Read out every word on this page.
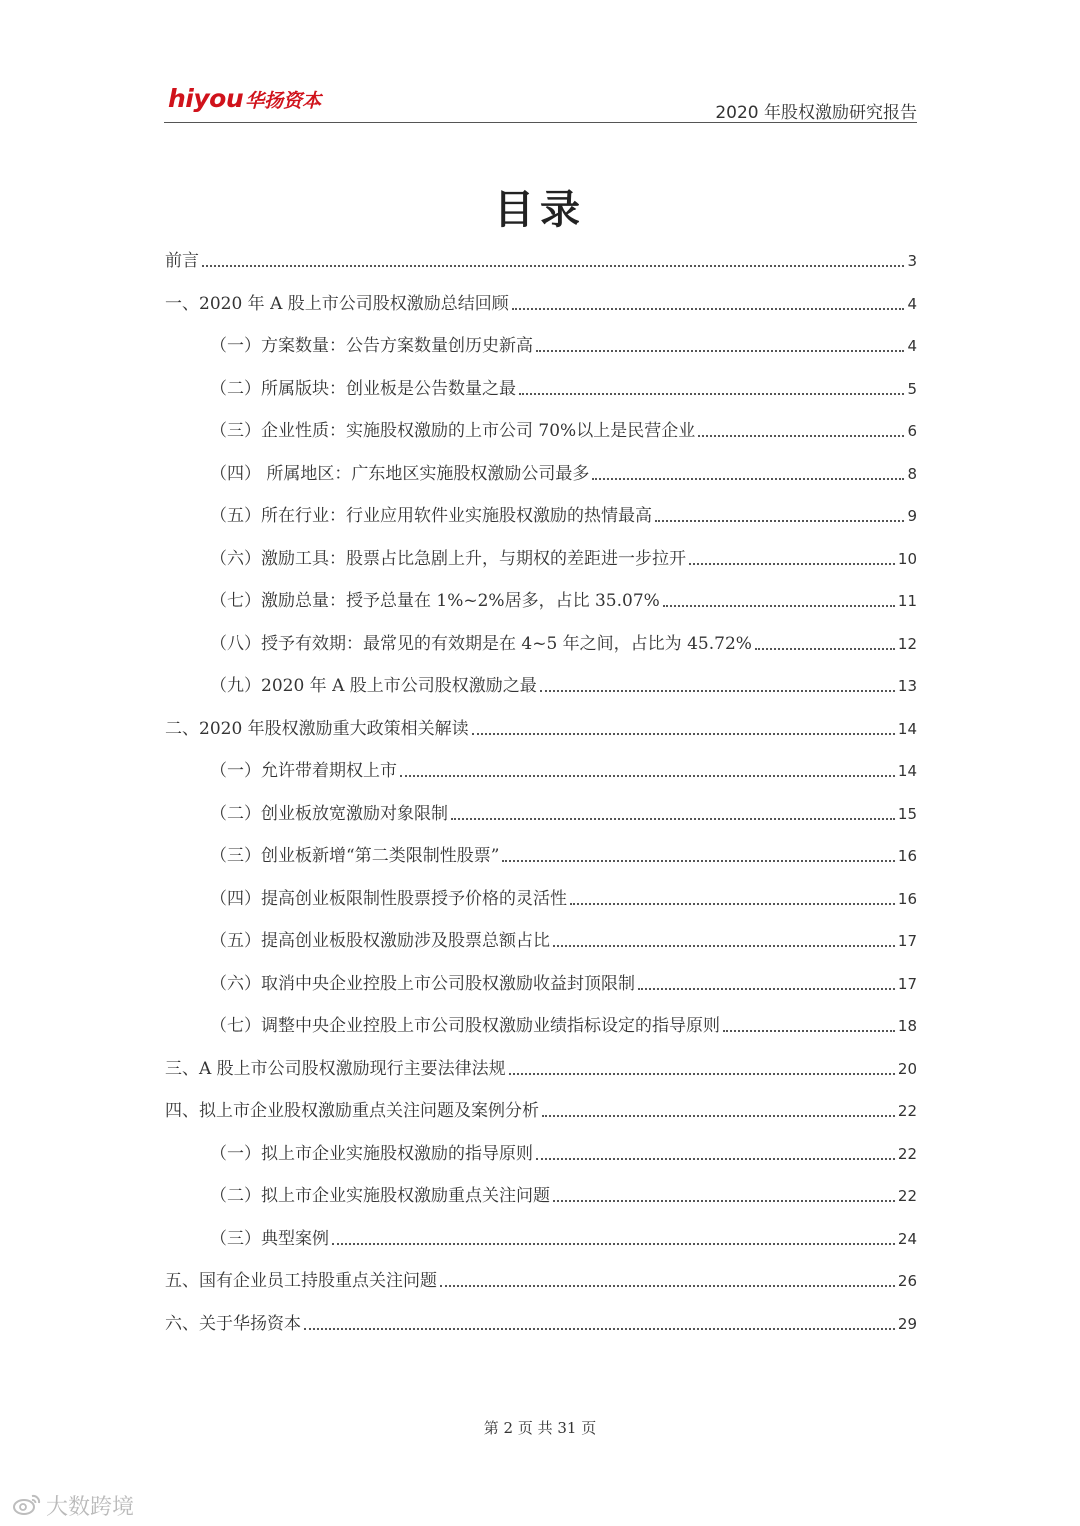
hiyou 华扬资本
2020 年股权激励研究报告
目录
前言	3
一、2020 年 A 股上市公司股权激励总结回顾	4
（一）方案数量：公告方案数量创历史新高	4
（二）所属版块：创业板是公告数量之最	5
（三）企业性质：实施股权激励的上市公司 70%以上是民营企业	6
（四） 所属地区：广东地区实施股权激励公司最多	8
（五）所在行业：行业应用软件业实施股权激励的热情最高	9
（六）激励工具：股票占比急剧上升，与期权的差距进一步拉开	10
（七）激励总量：授予总量在 1%~2%居多，占比 35.07%	11
（八）授予有效期：最常见的有效期是在 4~5 年之间，占比为 45.72%	12
（九）2020 年 A 股上市公司股权激励之最	13
二、2020 年股权激励重大政策相关解读	14
（一）允许带着期权上市	14
（二）创业板放宽激励对象限制	15
（三）创业板新增“第二类限制性股票”	16
（四）提高创业板限制性股票授予价格的灵活性	16
（五）提高创业板股权激励涉及股票总额占比	17
（六）取消中央企业控股上市公司股权激励收益封顶限制	17
（七）调整中央企业控股上市公司股权激励业绩指标设定的指导原则	18
三、A 股上市公司股权激励现行主要法律法规	20
四、拟上市企业股权激励重点关注问题及案例分析	22
（一）拟上市企业实施股权激励的指导原则	22
（二）拟上市企业实施股权激励重点关注问题	22
（三）典型案例	24
五、国有企业员工持股重点关注问题	26
六、关于华扬资本	29
第 2 页 共 31 页
大数跨境
